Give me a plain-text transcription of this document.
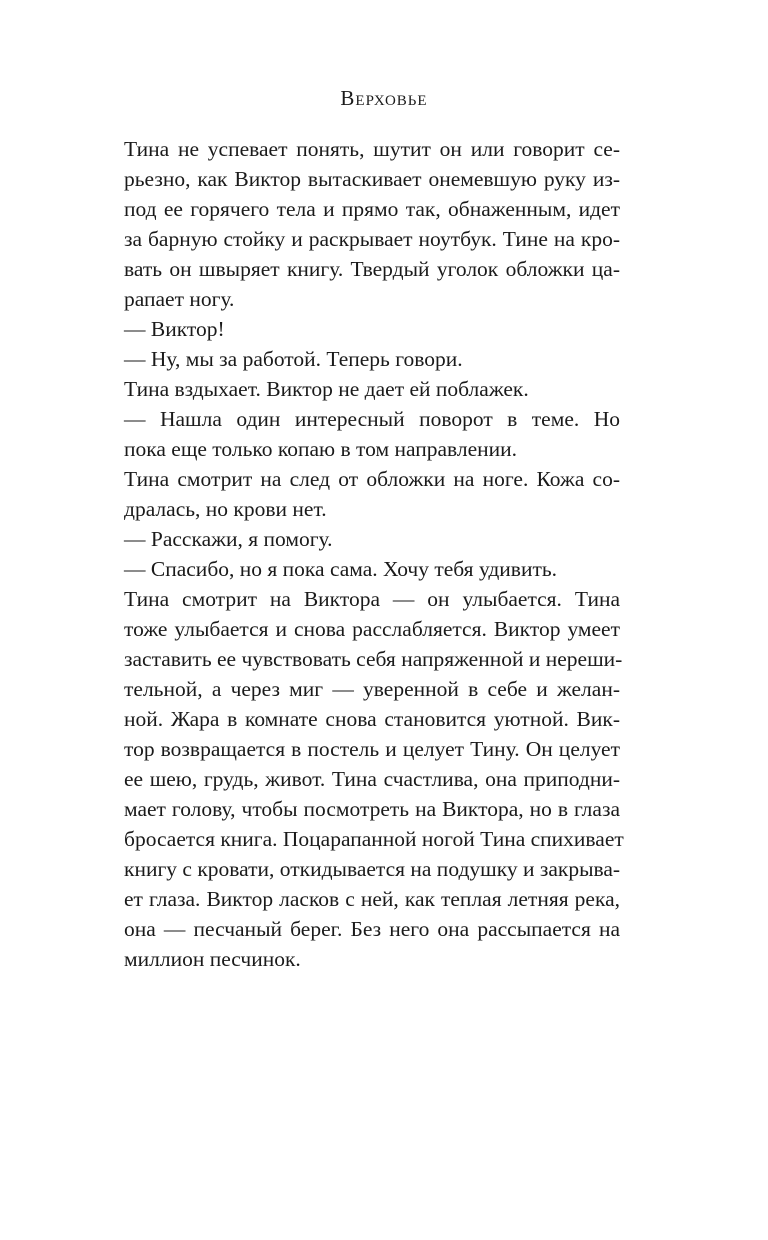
Верховье
Тина не успевает понять, шутит он или говорит се-
рьезно, как Виктор вытаскивает онемевшую руку из-
под ее горячего тела и прямо так, обнаженным, идет
за барную стойку и раскрывает ноутбук. Тине на кро-
вать он швыряет книгу. Твердый уголок обложки ца-
рапает ногу.
— Виктор!
— Ну, мы за работой. Теперь говори.
Тина вздыхает. Виктор не дает ей поблажек.
— Нашла один интересный поворот в теме. Но
пока еще только копаю в том направлении.
Тина смотрит на след от обложки на ноге. Кожа со-
дралась, но крови нет.
— Расскажи, я помогу.
— Спасибо, но я пока сама. Хочу тебя удивить.
Тина смотрит на Виктора — он улыбается. Тина
тоже улыбается и снова расслабляется. Виктор умеет
заставить ее чувствовать себя напряженной и нереши-
тельной, а через миг — уверенной в себе и желан-
ной. Жара в комнате снова становится уютной. Вик-
тор возвращается в постель и целует Тину. Он целует
ее шею, грудь, живот. Тина счастлива, она приподни-
мает голову, чтобы посмотреть на Виктора, но в глаза
бросается книга. Поцарапанной ногой Тина спихивает
книгу с кровати, откидывается на подушку и закрыва-
ет глаза. Виктор ласков с ней, как теплая летняя река,
она — песчаный берег. Без него она рассыпается на
миллион песчинок.
